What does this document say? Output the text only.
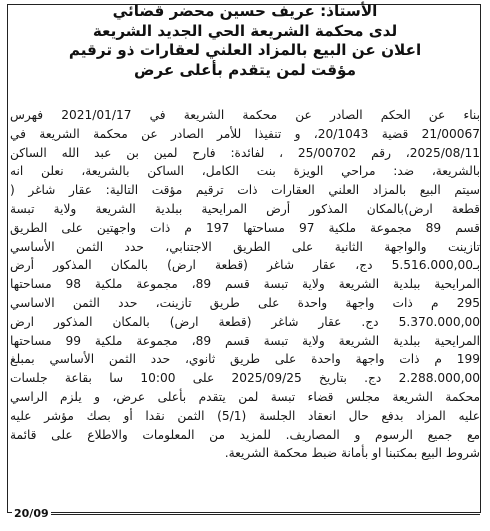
الأستاذ: عريف حسين محضر قضائي
لدى محكمة الشريعة الحي الجديد الشريعة
اعلان عن البيع بالمزاد العلني لعقارات ذو ترقيم
مؤقت لمن يتقدم بأعلى عرض
بناء عن الحكم الصادر عن محكمة الشريعة في 2021/01/17 فهرس
21/00067 قضية 20/1043، و تنفيذا للأمر الصادر عن محكمة الشريعة في
2025/08/11، رقم 25/00702 ، لفائدة: فارح لمين بن عبد الله الساكن
بالشريعة، ضد: مراحي الويزة بنت الكامل، الساكن بالشريعة، نعلن انه
سيتم البيع بالمزاد العلني العقارات ذات ترقيم مؤقت التالية: عقار شاغر (
قطعة ارض)بالمكان المذكور أرض المرايحية ببلدية الشريعة ولاية تبسة
قسم 89 مجموعة ملكية 97 مساحتها 197 م ذات واجهتين على الطريق
تازينت والواجهة الثانية على الطريق الاجتنابي، حدد الثمن الأساسي
بـ5.516.000,00 دج، عقار شاغر (قطعة ارض) بالمكان المذكور أرض
المرايحية ببلدية الشريعة ولاية تبسة قسم 89، مجموعة ملكية 98 مساحتها
295 م ذات واجهة واحدة على طريق تازينت، حدد الثمن الاساسي
5.370.000,00 دج. عقار شاغر (قطعة ارض) بالمكان المذكور ارض
المرايحية ببلدية الشريعة ولاية تبسة قسم 89، مجموعة ملكية 99 مساحتها
199 م ذات واجهة واحدة على طريق ثانوي، حدد الثمن الأساسي بمبلغ
2.288.000,00 دج. بتاريخ 2025/09/25 على 10:00 سا بقاعة جلسات
محكمة الشريعة مجلس قضاء تبسة لمن يتقدم بأعلى عرض، و يلزم الراسي
عليه المزاد بدفع حال انعقاد الجلسة (5/1) الثمن نقدا أو بصك مؤشر عليه
مع جميع الرسوم و المصاريف. للمزيد من المعلومات والاطلاع على قائمة
شروط البيع بمكتبنا او بأمانة ضبط محكمة الشريعة.
20/09
